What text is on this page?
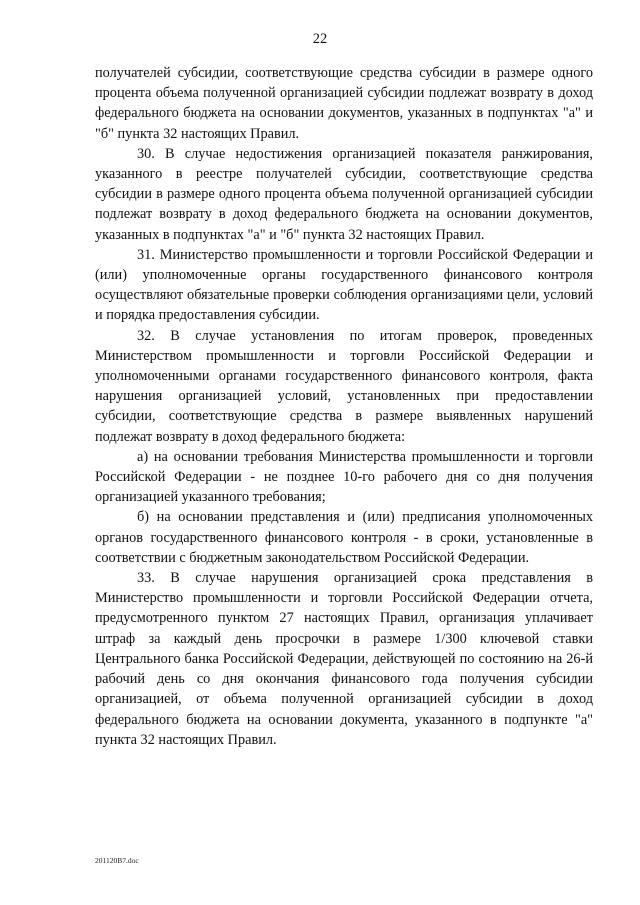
22

получателей субсидии, соответствующие средства субсидии в размере одного процента объема полученной организацией субсидии подлежат возврату в доход федерального бюджета на основании документов, указанных в подпунктах "а" и "б" пункта 32 настоящих Правил.

30. В случае недостижения организацией показателя ранжирования, указанного в реестре получателей субсидии, соответствующие средства субсидии в размере одного процента объема полученной организацией субсидии подлежат возврату в доход федерального бюджета на основании документов, указанных в подпунктах "а" и "б" пункта 32 настоящих Правил.

31. Министерство промышленности и торговли Российской Федерации и (или) уполномоченные органы государственного финансового контроля осуществляют обязательные проверки соблюдения организациями цели, условий и порядка предоставления субсидии.

32. В случае установления по итогам проверок, проведенных Министерством промышленности и торговли Российской Федерации и уполномоченными органами государственного финансового контроля, факта нарушения организацией условий, установленных при предоставлении субсидии, соответствующие средства в размере выявленных нарушений подлежат возврату в доход федерального бюджета:

а) на основании требования Министерства промышленности и торговли Российской Федерации - не позднее 10-го рабочего дня со дня получения организацией указанного требования;

б) на основании представления и (или) предписания уполномоченных органов государственного финансового контроля - в сроки, установленные в соответствии с бюджетным законодательством Российской Федерации.

33. В случае нарушения организацией срока представления в Министерство промышленности и торговли Российской Федерации отчета, предусмотренного пунктом 27 настоящих Правил, организация уплачивает штраф за каждый день просрочки в размере 1/300 ключевой ставки Центрального банка Российской Федерации, действующей по состоянию на 26-й рабочий день со дня окончания финансового года получения субсидии организацией, от объема полученной организацией субсидии в доход федерального бюджета на основании документа, указанного в подпункте "а" пункта 32 настоящих Правил.

201120B7.doc
